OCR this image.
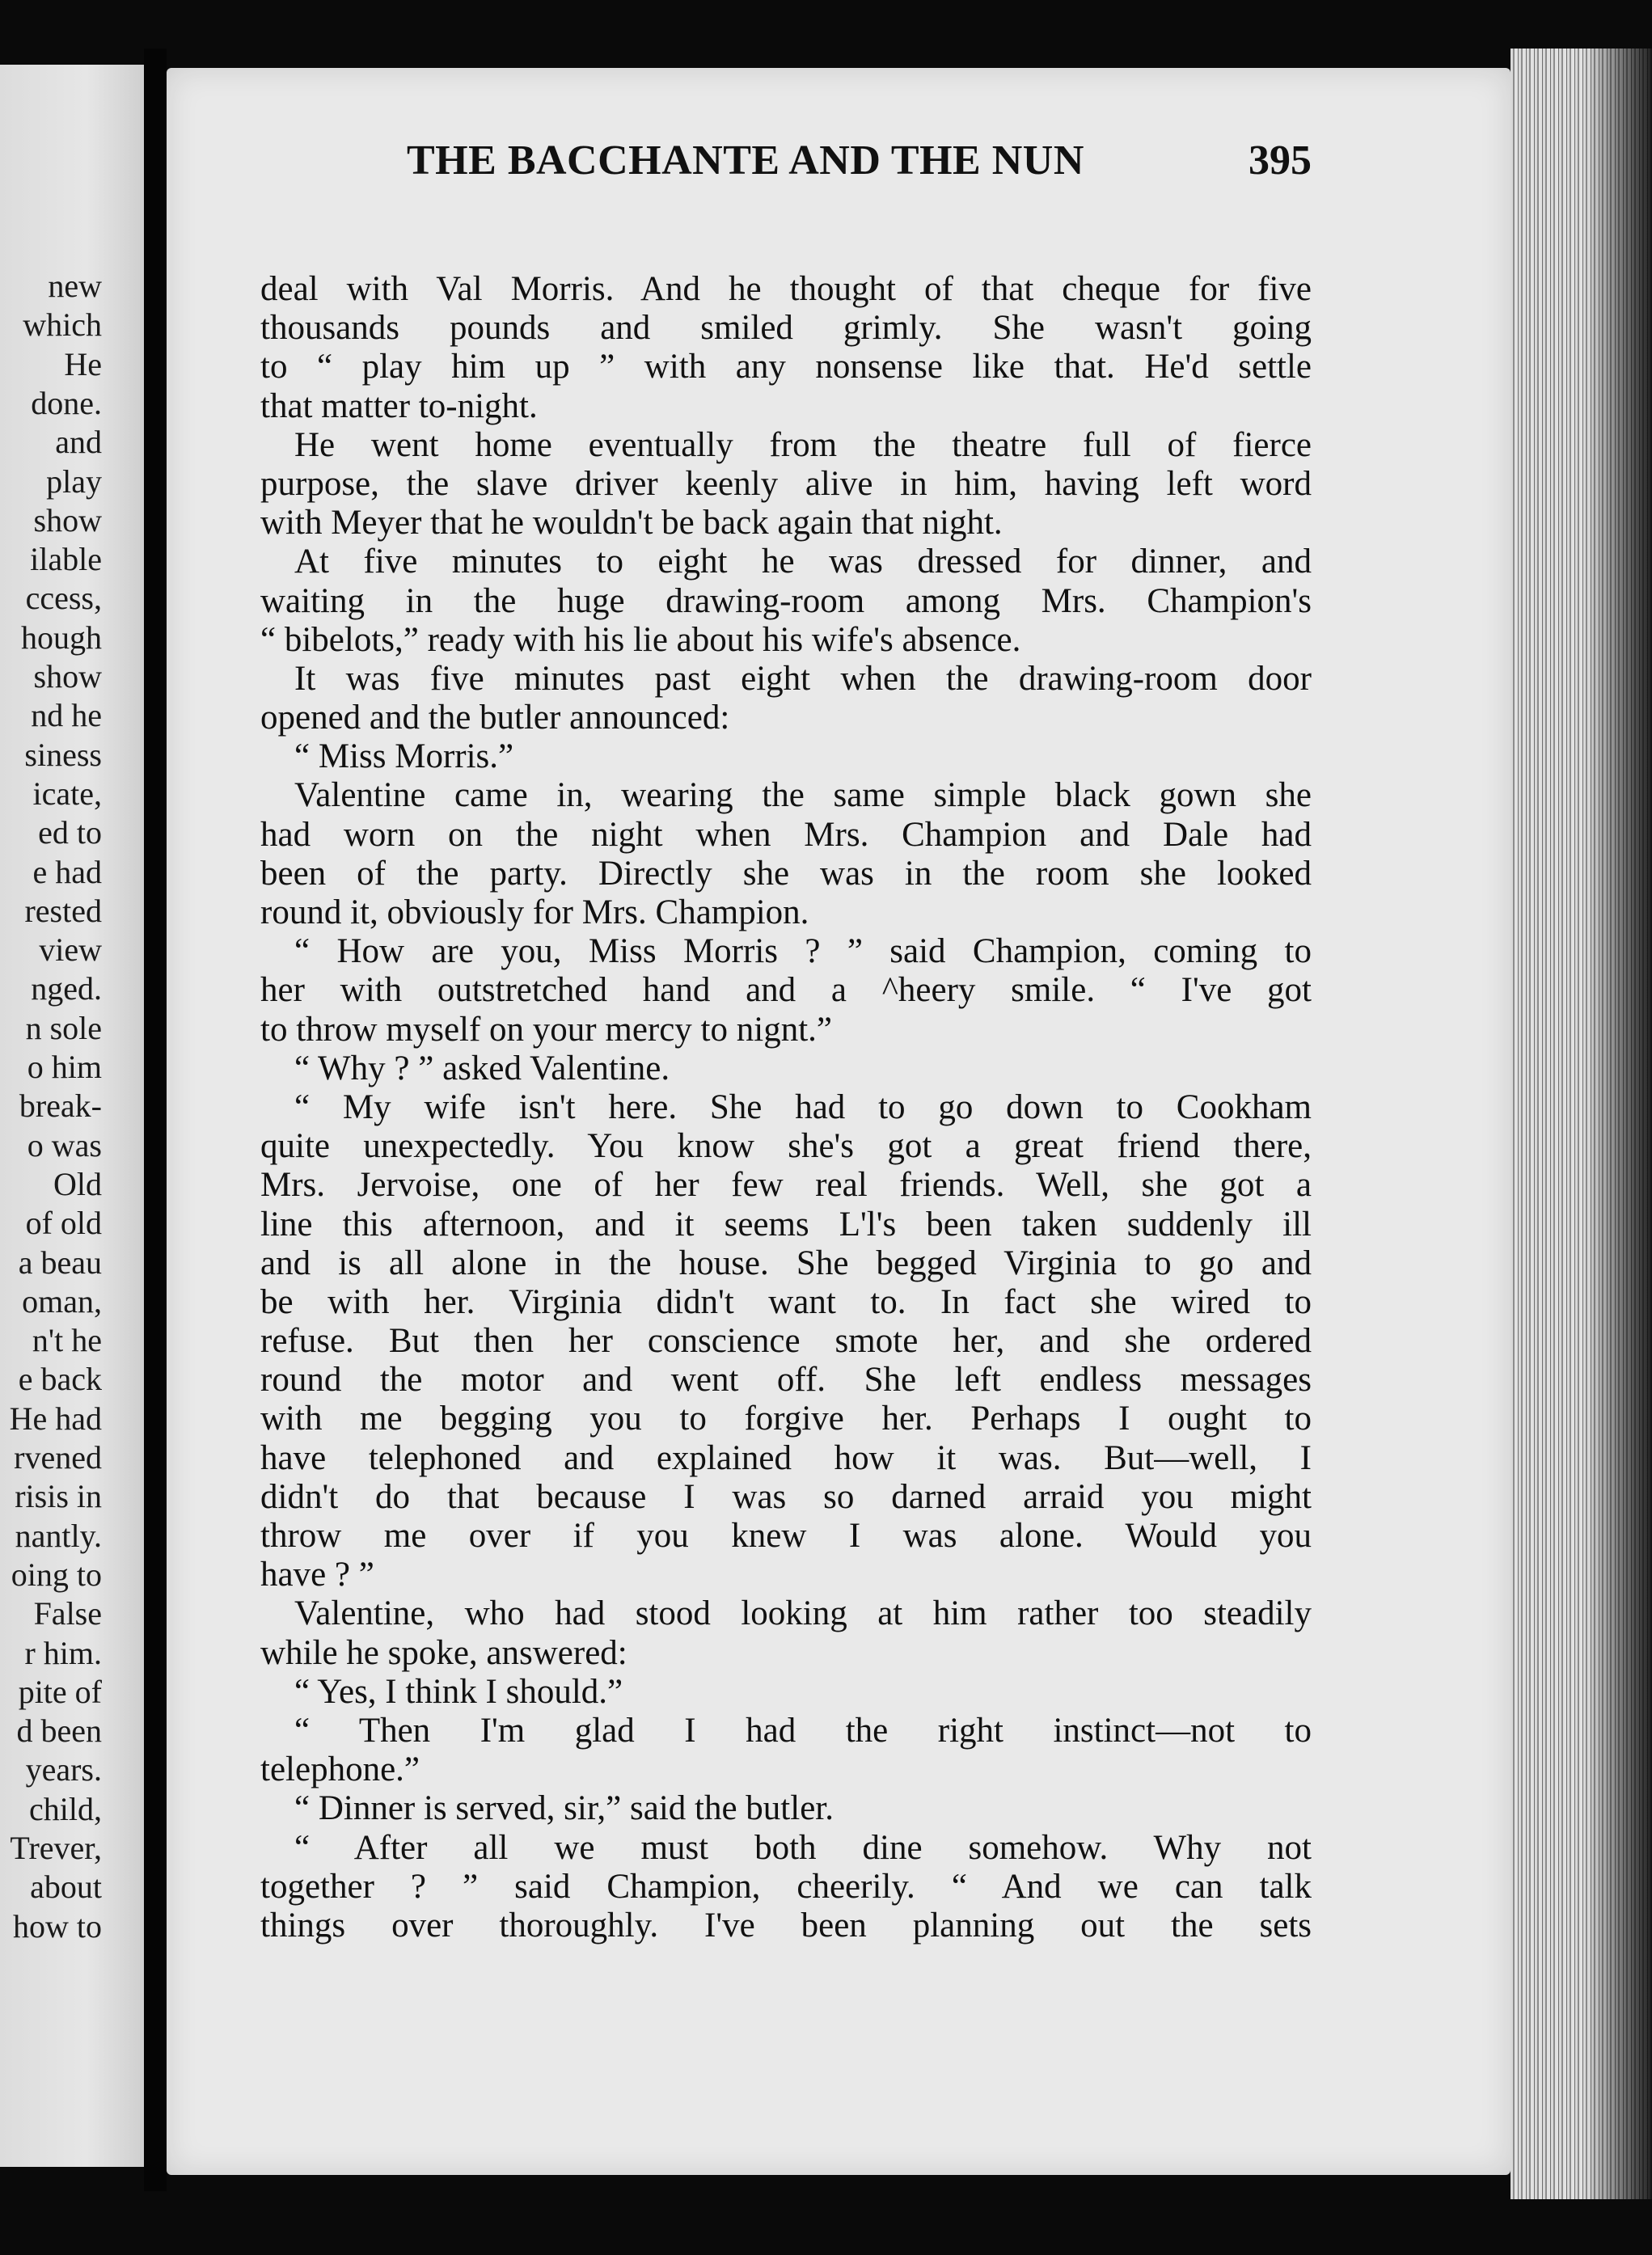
new
which
He
done.
and
play
show
ilable
ccess,
hough
show
nd he
siness
icate,
ed to
e had
rested
view
nged.
n sole
o him
break-
o was
Old
of old
a beau
oman,
n't he
e back
He had
rvened
risis in
nantly.
oing to
False
r him.
pite of
d been
years.
child,
Trever,
about
how to
THE BACCHANTE AND THE NUN	395
deal with Val Morris. And he thought of that cheque for five
thousands pounds and smiled grimly. She wasn't going
to “ play him up ” with any nonsense like that. He'd settle
that matter to-night.
He went home eventually from the theatre full of fierce
purpose, the slave driver keenly alive in him, having left word
with Meyer that he wouldn't be back again that night.
At five minutes to eight he was dressed for dinner, and
waiting in the huge drawing-room among Mrs. Champion's
“ bibelots,” ready with his lie about his wife's absence.
It was five minutes past eight when the drawing-room door
opened and the butler announced:
“ Miss Morris.”
Valentine came in, wearing the same simple black gown she
had worn on the night when Mrs. Champion and Dale had
been of the party. Directly she was in the room she looked
round it, obviously for Mrs. Champion.
“ How are you, Miss Morris ? ” said Champion, coming to
her with outstretched hand and a ^heery smile. “ I've got
to throw myself on your mercy to nignt.”
“ Why ? ” asked Valentine.
“ My wife isn't here. She had to go down to Cookham
quite unexpectedly. You know she's got a great friend there,
Mrs. Jervoise, one of her few real friends. Well, she got a
line this afternoon, and it seems L'l's been taken suddenly ill
and is all alone in the house. She begged Virginia to go and
be with her. Virginia didn't want to. In fact she wired to
refuse. But then her conscience smote her, and she ordered
round the motor and went off. She left endless messages
with me begging you to forgive her. Perhaps I ought to
have telephoned and explained how it was. But—well, I
didn't do that because I was so darned arraid you might
throw me over if you knew I was alone. Would you
have ? ”
Valentine, who had stood looking at him rather too steadily
while he spoke, answered:
“ Yes, I think I should.”
“ Then I'm glad I had the right instinct—not to
telephone.”
“ Dinner is served, sir,” said the butler.
“ After all we must both dine somehow. Why not
together ? ” said Champion, cheerily. “ And we can talk
things over thoroughly. I've been planning out the sets
